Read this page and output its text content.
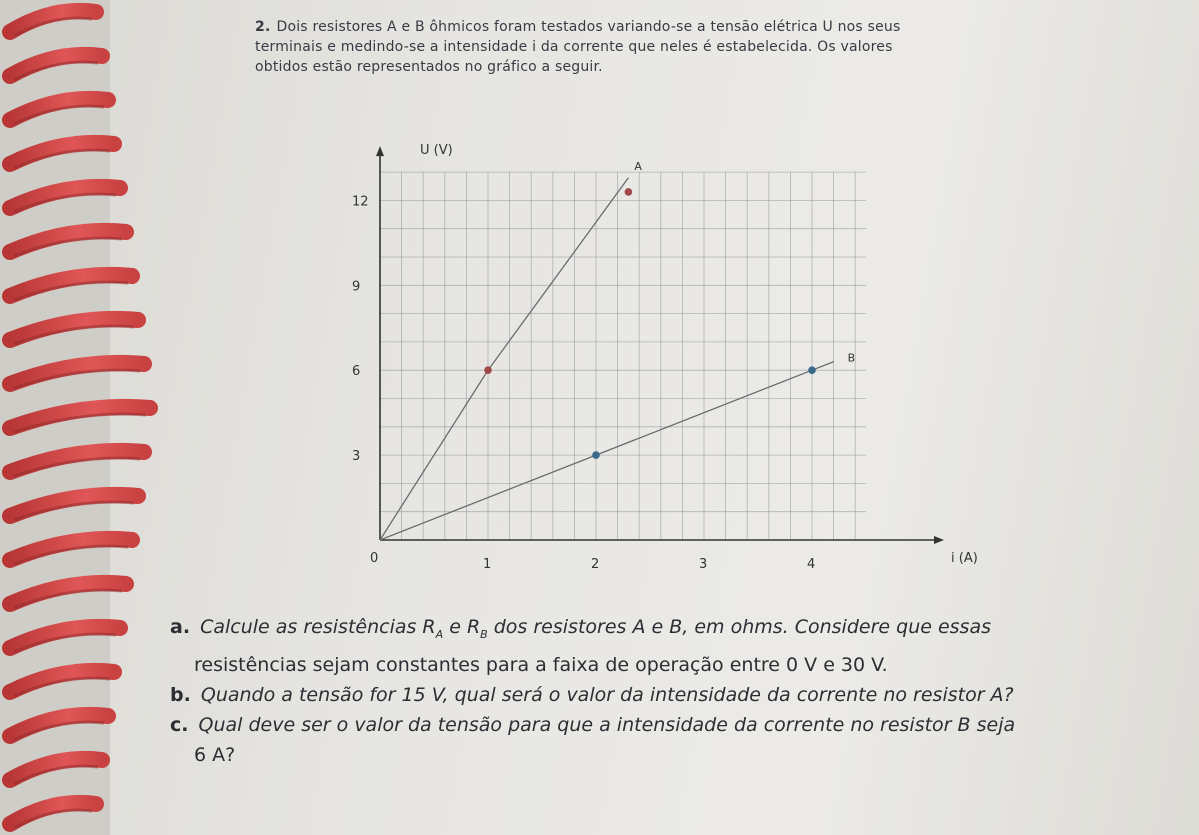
2. Dois resistores A e B ôhmicos foram testados variando-se a tensão elétrica U nos seus
terminais e medindo-se a intensidade i da corrente que neles é estabelecida. Os valores
obtidos estão representados no gráfico a seguir.
1	2	3	4
3
6
9
12
0	i (A)
U (V)
A
B
a. Calcule as resistências $R_A$ e $R_B$ dos resistores A e B, em ohms. Considere que essas
resistências sejam constantes para a faixa de operação entre 0 V e 30 V.
b. Quando a tensão for 15 V, qual será o valor da intensidade da corrente no resistor A?
c. Qual deve ser o valor da tensão para que a intensidade da corrente no resistor B seja
6 A?
